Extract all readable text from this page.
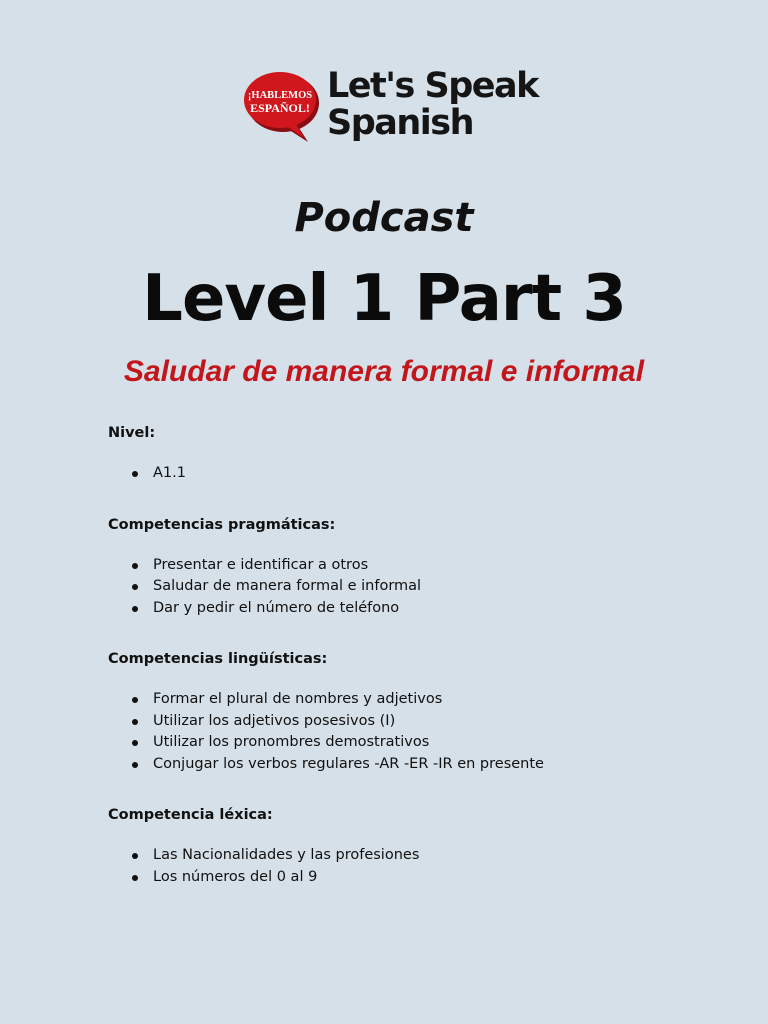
¡HABLEMOS
ESPAÑOL!
Let's Speak
Spanish
Podcast
Level 1 Part 3
Saludar de manera formal e informal

Nivel:

A1.1

Competencias pragmáticas:

Presentar e identificar a otros
Saludar de manera formal e informal
Dar y pedir el número de teléfono

Competencias lingüísticas:

Formar el plural de nombres y adjetivos
Utilizar los adjetivos posesivos (I)
Utilizar los pronombres demostrativos
Conjugar los verbos regulares -AR -ER -IR en presente

Competencia léxica:

Las Nacionalidades y las profesiones
Los números del 0 al 9
